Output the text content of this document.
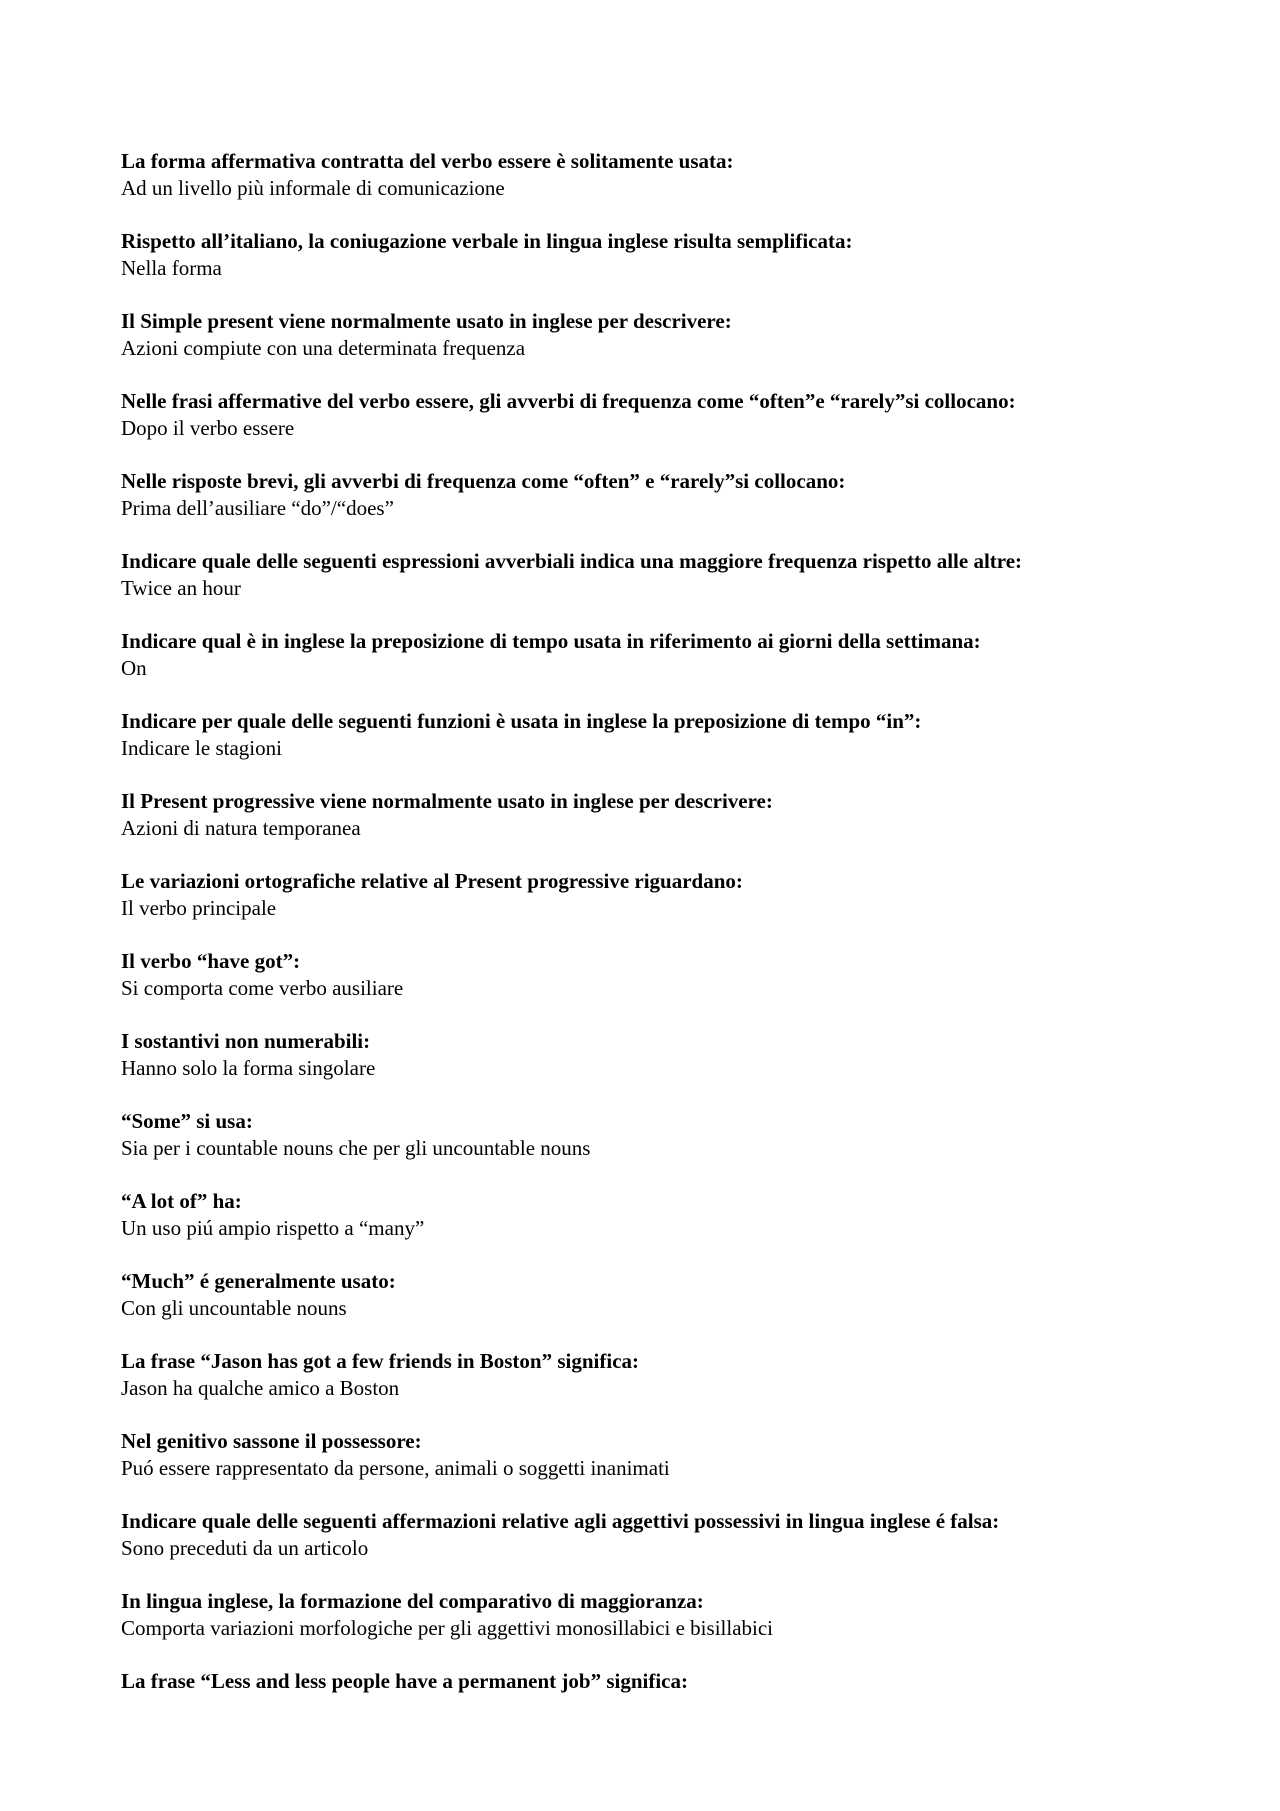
La forma affermativa contratta del verbo essere è solitamente usata:
Ad un livello più informale di comunicazione
Rispetto all’italiano, la coniugazione verbale in lingua inglese risulta semplificata:
Nella forma
Il Simple present viene normalmente usato in inglese per descrivere:
Azioni compiute con una determinata frequenza
Nelle frasi affermative del verbo essere, gli avverbi di frequenza come “often”e “rarely”si collocano:
Dopo il verbo essere
Nelle risposte brevi, gli avverbi di frequenza come “often” e “rarely”si collocano:
Prima dell’ausiliare “do”/“does”
Indicare quale delle seguenti espressioni avverbiali indica una maggiore frequenza rispetto alle altre:
Twice an hour
Indicare qual è in inglese la preposizione di tempo usata in riferimento ai giorni della settimana:
On
Indicare per quale delle seguenti funzioni è usata in inglese la preposizione di tempo “in”:
Indicare le stagioni
Il Present progressive viene normalmente usato in inglese per descrivere:
Azioni di natura temporanea
Le variazioni ortografiche relative al Present progressive riguardano:
Il verbo principale
Il verbo “have got”:
Si comporta come verbo ausiliare
I sostantivi non numerabili:
Hanno solo la forma singolare
“Some” si usa:
Sia per i countable nouns che per gli uncountable nouns
“A lot of” ha:
Un uso piú ampio rispetto a “many”
“Much” é generalmente usato:
Con gli uncountable nouns
La frase “Jason has got a few friends in Boston” significa:
Jason ha qualche amico a Boston
Nel genitivo sassone il possessore:
Puó essere rappresentato da persone, animali o soggetti inanimati
Indicare quale delle seguenti affermazioni relative agli aggettivi possessivi in lingua inglese é falsa:
Sono preceduti da un articolo
In lingua inglese, la formazione del comparativo di maggioranza:
Comporta variazioni morfologiche per gli aggettivi monosillabici e bisillabici
La frase “Less and less people have a permanent job” significa:
